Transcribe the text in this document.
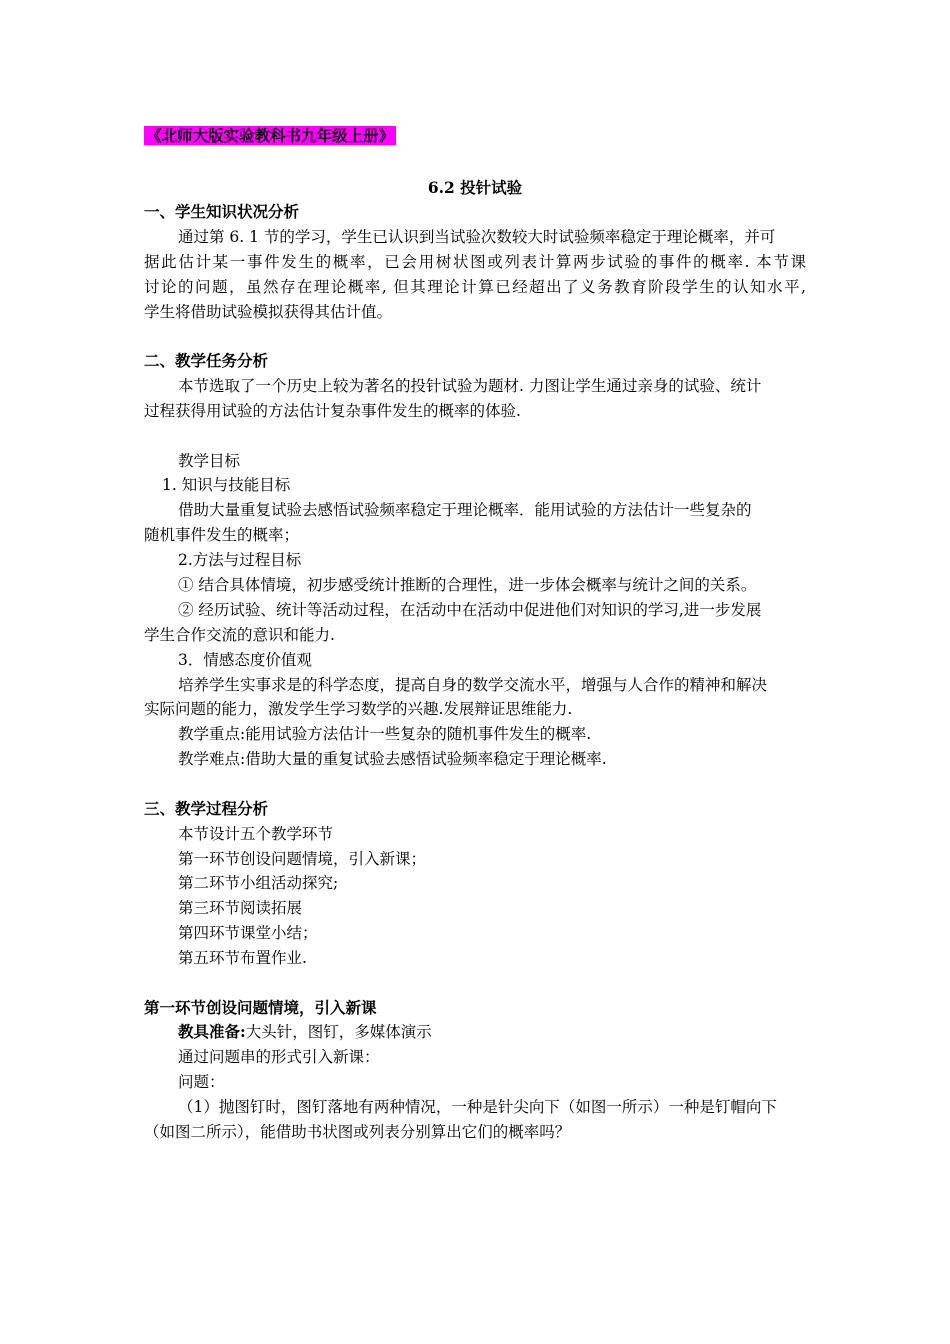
《北师大版实验教科书九年级上册》
6.2 投针试验
一、学生知识状况分析
通过第 6. 1 节的学习，学生已认识到当试验次数较大时试验频率稳定于理论概率，并可
据此估计某一事件发生的概率，已会用树状图或列表计算两步试验的事件的概率. 本节课
讨论的问题，虽然存在理论概率, 但其理论计算已经超出了义务教育阶段学生的认知水平,
学生将借助试验模拟获得其估计值。
二、教学任务分析
本节选取了一个历史上较为著名的投针试验为题材. 力图让学生通过亲身的试验、统计
过程获得用试验的方法估计复杂事件发生的概率的体验.
教学目标
1. 知识与技能目标
借助大量重复试验去感悟试验频率稳定于理论概率．能用试验的方法估计一些复杂的
随机事件发生的概率；
2.方法与过程目标
① 结合具体情境，初步感受统计推断的合理性，进一步体会概率与统计之间的关系。
② 经历试验、统计等活动过程，在活动中在活动中促进他们对知识的学习,进一步发展
学生合作交流的意识和能力.
3．情感态度价值观
培养学生实事求是的科学态度，提高自身的数学交流水平，增强与人合作的精神和解决
实际问题的能力，激发学生学习数学的兴趣.发展辩证思维能力.
教学重点:能用试验方法估计一些复杂的随机事件发生的概率.
教学难点:借助大量的重复试验去感悟试验频率稳定于理论概率.
三、教学过程分析
本节设计五个教学环节
第一环节创设问题情境，引入新课；
第二环节小组活动探究;
第三环节阅读拓展
第四环节课堂小结；
第五环节布置作业.
第一环节创设问题情境，引入新课
教具准备:大头针，图钉，多媒体演示
通过问题串的形式引入新课：
问题：
（1）抛图钉时，图钉落地有两种情况，一种是针尖向下（如图一所示）一种是钉帽向下
（如图二所示），能借助书状图或列表分别算出它们的概率吗？
